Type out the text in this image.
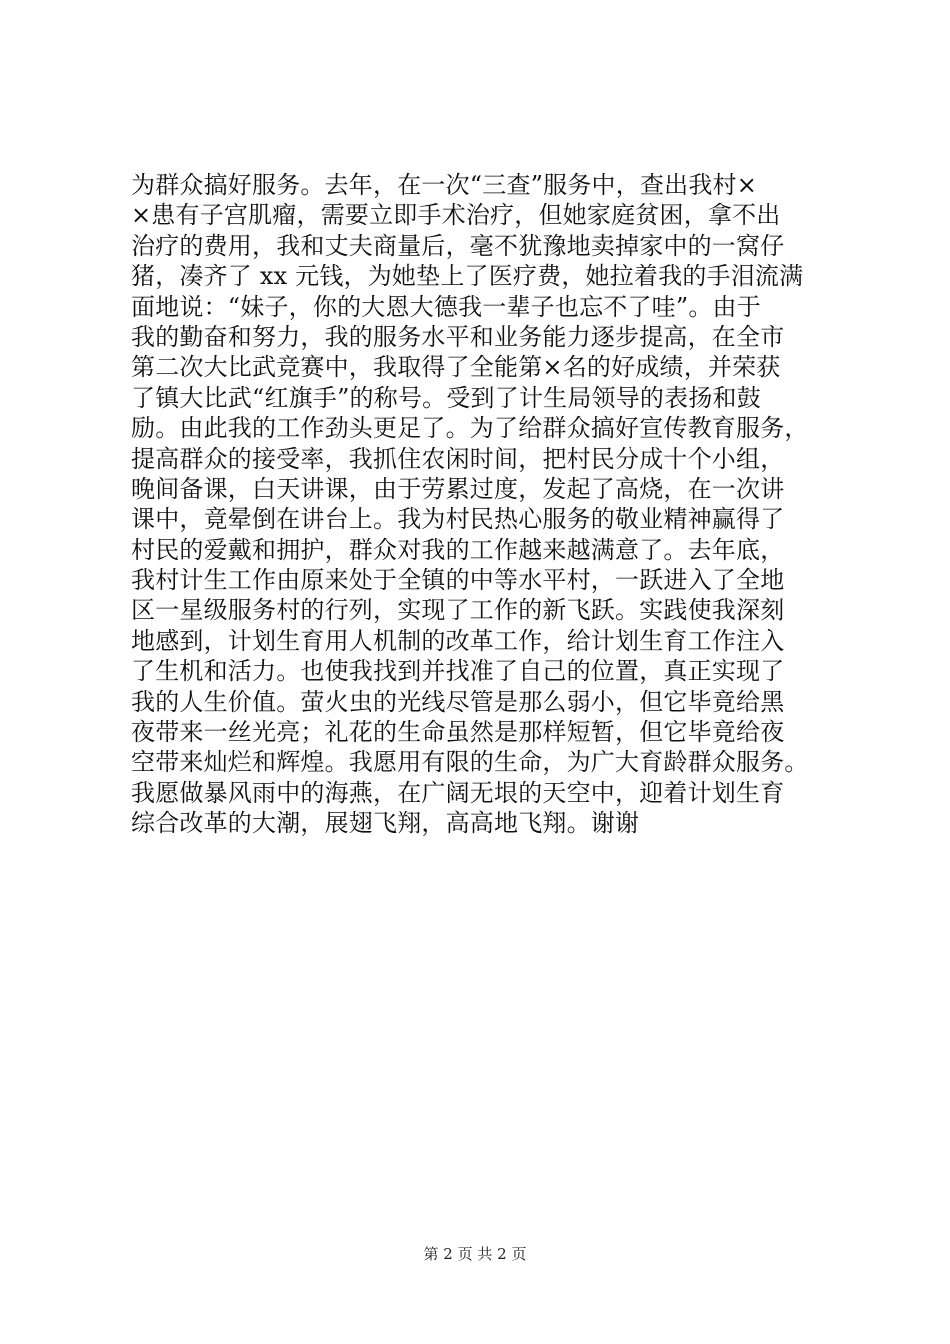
为群众搞好服务。去年，在一次“三查”服务中，查出我村×
×患有子宫肌瘤，需要立即手术治疗，但她家庭贫困，拿不出
治疗的费用，我和丈夫商量后，毫不犹豫地卖掉家中的一窝仔
猪，凑齐了 xx 元钱，为她垫上了医疗费，她拉着我的手泪流满
面地说：“妹子，你的大恩大德我一辈子也忘不了哇”。由于
我的勤奋和努力，我的服务水平和业务能力逐步提高，在全市
第二次大比武竞赛中，我取得了全能第×名的好成绩，并荣获
了镇大比武“红旗手”的称号。受到了计生局领导的表扬和鼓
励。由此我的工作劲头更足了。为了给群众搞好宣传教育服务，
提高群众的接受率，我抓住农闲时间，把村民分成十个小组，
晚间备课，白天讲课，由于劳累过度，发起了高烧，在一次讲
课中，竟晕倒在讲台上。我为村民热心服务的敬业精神赢得了
村民的爱戴和拥护，群众对我的工作越来越满意了。去年底，
我村计生工作由原来处于全镇的中等水平村，一跃进入了全地
区一星级服务村的行列，实现了工作的新飞跃。实践使我深刻
地感到，计划生育用人机制的改革工作，给计划生育工作注入
了生机和活力。也使我找到并找准了自己的位置，真正实现了
我的人生价值。萤火虫的光线尽管是那么弱小，但它毕竟给黑
夜带来一丝光亮；礼花的生命虽然是那样短暂，但它毕竟给夜
空带来灿烂和辉煌。我愿用有限的生命，为广大育龄群众服务。
我愿做暴风雨中的海燕，在广阔无垠的天空中，迎着计划生育
综合改革的大潮，展翅飞翔，高高地飞翔。谢谢
第 2 页 共 2 页
